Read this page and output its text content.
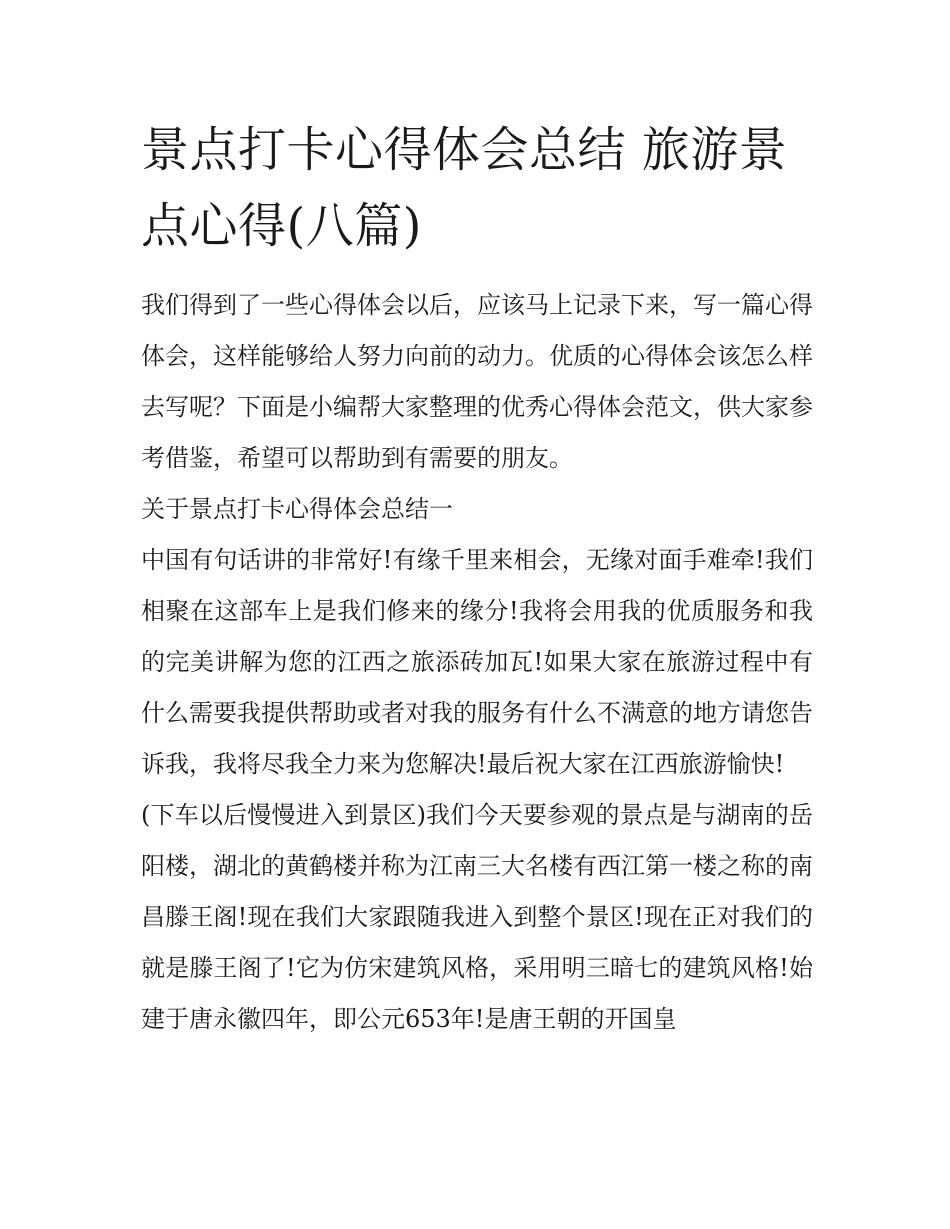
景点打卡心得体会总结 旅游景点心得(八篇)

我们得到了一些心得体会以后，应该马上记录下来，写一篇心得体会，这样能够给人努力向前的动力。优质的心得体会该怎么样去写呢？下面是小编帮大家整理的优秀心得体会范文，供大家参考借鉴，希望可以帮助到有需要的朋友。

关于景点打卡心得体会总结一

中国有句话讲的非常好!有缘千里来相会，无缘对面手难牵!我们相聚在这部车上是我们修来的缘分!我将会用我的优质服务和我的完美讲解为您的江西之旅添砖加瓦!如果大家在旅游过程中有什么需要我提供帮助或者对我的服务有什么不满意的地方请您告诉我，我将尽我全力来为您解决!最后祝大家在江西旅游愉快!

(下车以后慢慢进入到景区)我们今天要参观的景点是与湖南的岳阳楼，湖北的黄鹤楼并称为江南三大名楼有西江第一楼之称的南昌滕王阁!现在我们大家跟随我进入到整个景区!现在正对我们的就是滕王阁了!它为仿宋建筑风格，采用明三暗七的建筑风格!始建于唐永徽四年，即公元653年!是唐王朝的开国皇
